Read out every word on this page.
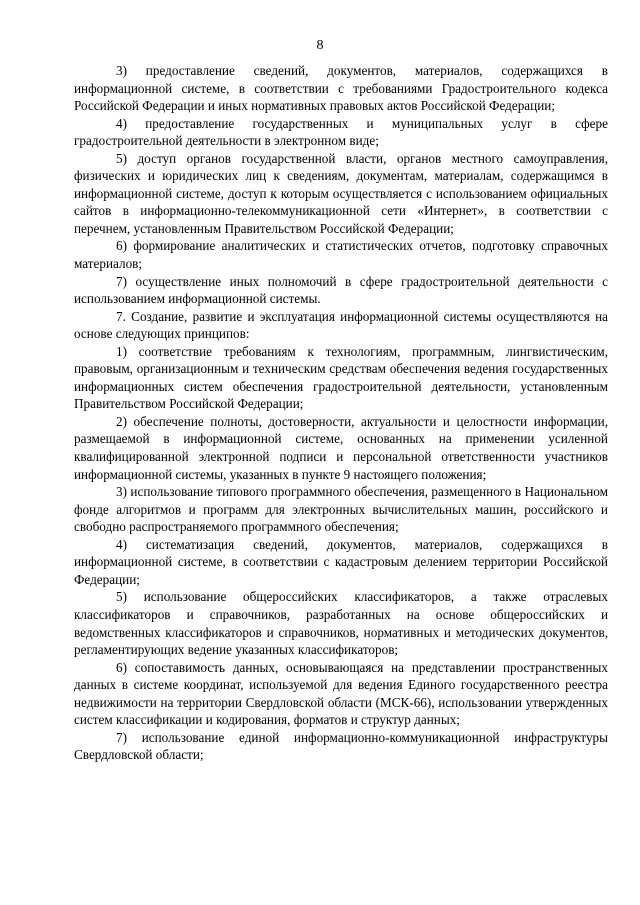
8

3) предоставление сведений, документов, материалов, содержащихся в информационной системе, в соответствии с требованиями Градостроительного кодекса Российской Федерации и иных нормативных правовых актов Российской Федерации;

4) предоставление государственных и муниципальных услуг в сфере градостроительной деятельности в электронном виде;

5) доступ органов государственной власти, органов местного самоуправления, физических и юридических лиц к сведениям, документам, материалам, содержащимся в информационной системе, доступ к которым осуществляется с использованием официальных сайтов в информационно-телекоммуникационной сети «Интернет», в соответствии с перечнем, установленным Правительством Российской Федерации;

6) формирование аналитических и статистических отчетов, подготовку справочных материалов;

7) осуществление иных полномочий в сфере градостроительной деятельности с использованием информационной системы.

7. Создание, развитие и эксплуатация информационной системы осуществляются на основе следующих принципов:

1) соответствие требованиям к технологиям, программным, лингвистическим, правовым, организационным и техническим средствам обеспечения ведения государственных информационных систем обеспечения градостроительной деятельности, установленным Правительством Российской Федерации;

2) обеспечение полноты, достоверности, актуальности и целостности информации, размещаемой в информационной системе, основанных на применении усиленной квалифицированной электронной подписи и персональной ответственности участников информационной системы, указанных в пункте 9 настоящего положения;

3) использование типового программного обеспечения, размещенного в Национальном фонде алгоритмов и программ для электронных вычислительных машин, российского и свободно распространяемого программного обеспечения;

4) систематизация сведений, документов, материалов, содержащихся в информационной системе, в соответствии с кадастровым делением территории Российской Федерации;

5) использование общероссийских классификаторов, а также отраслевых классификаторов и справочников, разработанных на основе общероссийских и ведомственных классификаторов и справочников, нормативных и методических документов, регламентирующих ведение указанных классификаторов;

6) сопоставимость данных, основывающаяся на представлении пространственных данных в системе координат, используемой для ведения Единого государственного реестра недвижимости на территории Свердловской области (МСК-66), использовании утвержденных систем классификации и кодирования, форматов и структур данных;

7) использование единой информационно-коммуникационной инфраструктуры Свердловской области;
